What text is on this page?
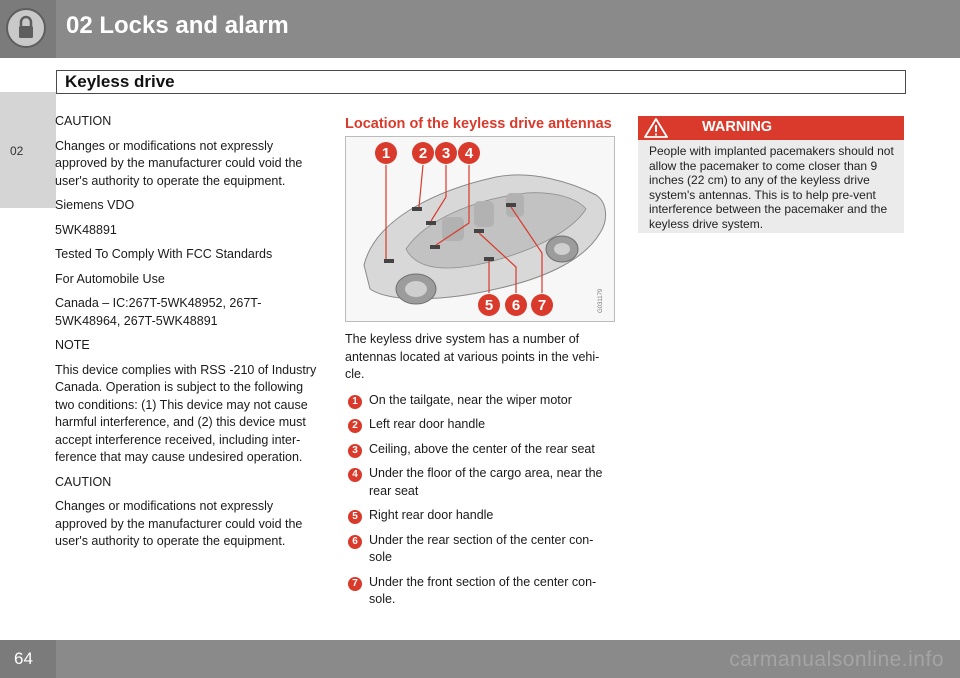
02 Locks and alarm
Keyless drive
02

CAUTION

Changes or modifications not expressly approved by the manufacturer could void the user's authority to operate the equipment.

Siemens VDO

5WK48891

Tested To Comply With FCC Standards

For Automobile Use

Canada – IC:267T-5WK48952, 267T-5WK48964, 267T-5WK48891

NOTE

This device complies with RSS -210 of Industry Canada. Operation is subject to the following two conditions: (1) This device may not cause harmful interference, and (2) this device must accept interference received, including inter-ference that may cause undesired operation.

CAUTION

Changes or modifications not expressly approved by the manufacturer could void the user's authority to operate the equipment.

Location of the keyless drive antennas
1 2 3 4
5 6 7	G031179

The keyless drive system has a number of antennas located at various points in the vehi-cle.

1 On the tailgate, near the wiper motor
2 Left rear door handle
3 Ceiling, above the center of the rear seat
4 Under the floor of the cargo area, near the rear seat
5 Right rear door handle
6 Under the rear section of the center con-sole
7 Under the front section of the center con-sole.
WARNING
People with implanted pacemakers should not allow the pacemaker to come closer than 9 inches (22 cm) to any of the keyless drive system's antennas. This is to help pre-vent interference between the pacemaker and the keyless drive system.
64	carmanualsonline.info
